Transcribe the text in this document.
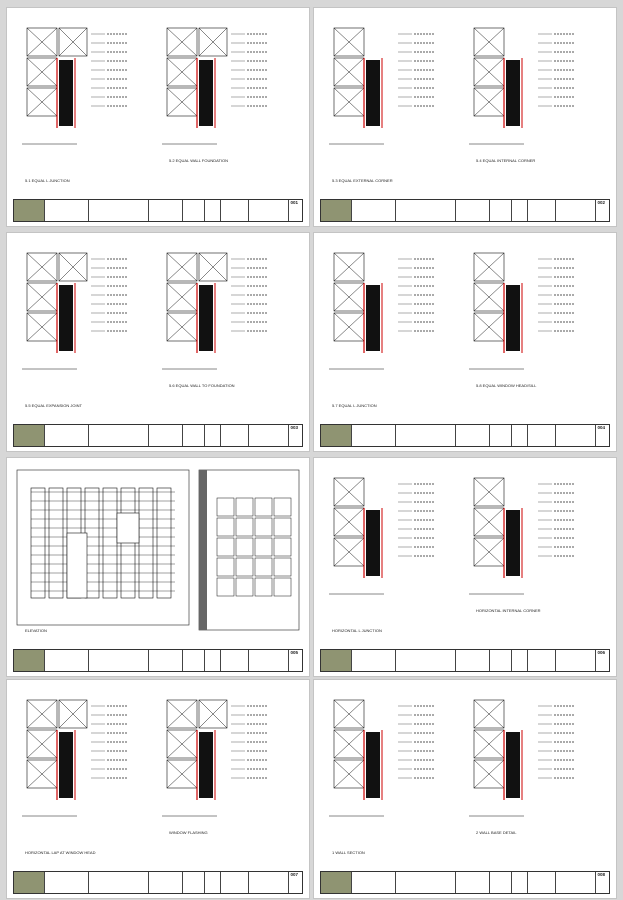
5.1 EQUAL L JUNCTION
5.2 EQUAL WALL FOUNDATION
001
5.3 EQUAL EXTERNAL CORNER
5.4 EQUAL INTERNAL CORNER
002
5.5 EQUAL EXPANSION JOINT
5.6 EQUAL WALL TO FOUNDATION
003
5.7 EQUAL L JUNCTION
5.8 EQUAL WINDOW HEAD/SILL
004
ELEVATION
005
HORIZONTAL L JUNCTION
HORIZONTAL INTERNAL CORNER
006
HORIZONTAL LAP AT WINDOW HEAD
WINDOW FLASHING
007
1 WALL SECTION
2 WALL BASE DETAIL
008
